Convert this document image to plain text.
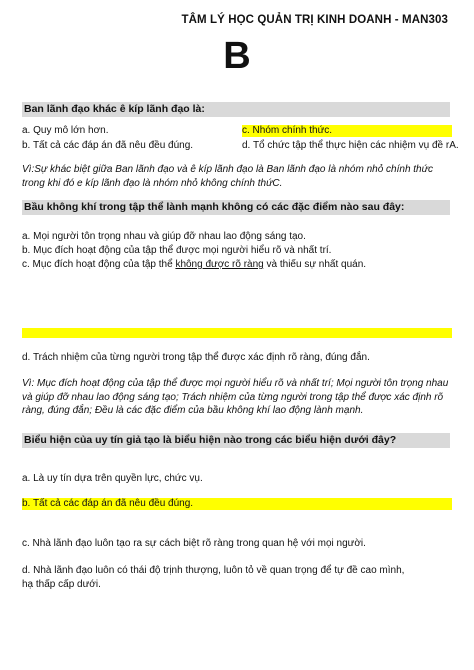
TÂM LÝ HỌC QUẢN TRỊ KINH DOANH - MAN303
B
Ban lãnh đạo khác ê kíp lãnh đạo là:
a. Quy mô lớn hơn.	c. Nhóm chính thức.
b. Tất cả các đáp án đã nêu đều đúng.	d. Tổ chức tập thể thực hiện các nhiệm vụ đề rA.
Vì:Sự khác biệt giữa Ban lãnh đạo và ê kíp lãnh đạo là Ban lãnh đạo là nhóm nhỏ chính thức trong khi đó e kíp lãnh đạo là nhóm nhỏ không chính thứC.
Bầu không khí trong tập thể lành mạnh không có các đặc điểm nào sau đây:
a. Mọi người tôn trọng nhau và giúp đỡ nhau lao động sáng tạo.
b. Mục đích hoạt động của tập thể được mọi người hiểu rõ và nhất trí.
c. Mục đích hoạt động của tập thể không được rõ ràng và thiếu sự nhất quán.
d. Trách nhiệm của từng người trong tập thể được xác định rõ ràng, đúng đắn.
Vì: Mục đích hoạt động của tập thể được mọi người hiểu rõ và nhất trí; Mọi người tôn trọng nhau và giúp đỡ nhau lao động sáng tạo; Trách nhiệm của từng người trong tập thể được xác định rõ ràng, đúng đắn; Đều là các đặc điểm của bầu không khí lao động lành mạnh.
Biểu hiện của uy tín giả tạo là biểu hiện nào trong các biểu hiện dưới đây?
a. Là uy tín dựa trên quyền lực, chức vụ.
b. Tất cả các đáp án đã nêu đều đúng.
c. Nhà lãnh đạo luôn tạo ra sự cách biệt rõ ràng trong quan hệ với mọi người.
d. Nhà lãnh đạo luôn có thái độ trịnh thượng, luôn tỏ về quan trọng để tự đề cao mình,
hạ thấp cấp dưới.
